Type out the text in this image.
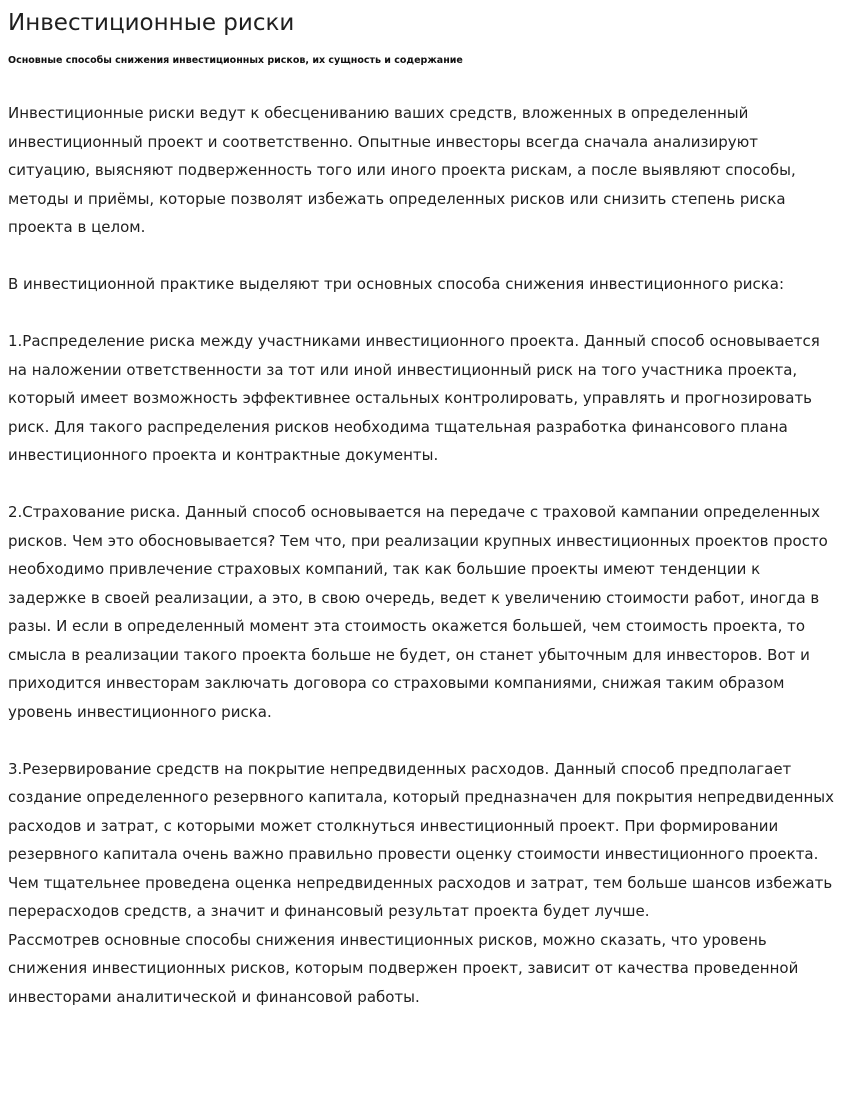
Инвестиционные риски
Основные способы снижения инвестиционных рисков, их сущность и содержание

Инвестиционные риски ведут к обесцениванию ваших средств, вложенных в определенный инвестиционный проект и соответственно. Опытные инвесторы всегда сначала анализируют ситуацию, выясняют подверженность того или иного проекта рискам, а после выявляют способы, методы и приёмы, которые позволят избежать определенных рисков или снизить степень риска проекта в целом.

В инвестиционной практике выделяют три основных способа снижения инвестиционного риска:

1.Распределение риска между участниками инвестиционного проекта. Данный способ основывается на наложении ответственности за тот или иной инвестиционный риск на того участника проекта, который имеет возможность эффективнее остальных контролировать, управлять и прогнозировать риск. Для такого распределения рисков необходима тщательная разработка финансового плана инвестиционного проекта и контрактные документы.

2.Страхование риска. Данный способ основывается на передаче с траховой кампании определенных рисков. Чем это обосновывается? Тем что, при реализации крупных инвестиционных проектов просто необходимо привлечение страховых компаний, так как большие проекты имеют тенденции к задержке в своей реализации, а это, в свою очередь, ведет к увеличению стоимости работ, иногда в разы. И если в определенный момент эта стоимость окажется большей, чем стоимость проекта, то смысла в реализации такого проекта больше не будет, он станет убыточным для инвесторов. Вот и приходится инвесторам заключать договора со страховыми компаниями, снижая таким образом уровень инвестиционного риска.

3.Резервирование средств на покрытие непредвиденных расходов. Данный способ предполагает создание определенного резервного капитала, который предназначен для покрытия непредвиденных расходов и затрат, с которыми может столкнуться инвестиционный проект. При формировании резервного капитала очень важно правильно провести оценку стоимости инвестиционного проекта. Чем тщательнее проведена оценка непредвиденных расходов и затрат, тем больше шансов избежать перерасходов средств, а значит и финансовый результат проекта будет лучше.

Рассмотрев основные способы снижения инвестиционных рисков, можно сказать, что уровень снижения инвестиционных рисков, которым подвержен проект, зависит от качества проведенной инвесторами аналитической и финансовой работы.
